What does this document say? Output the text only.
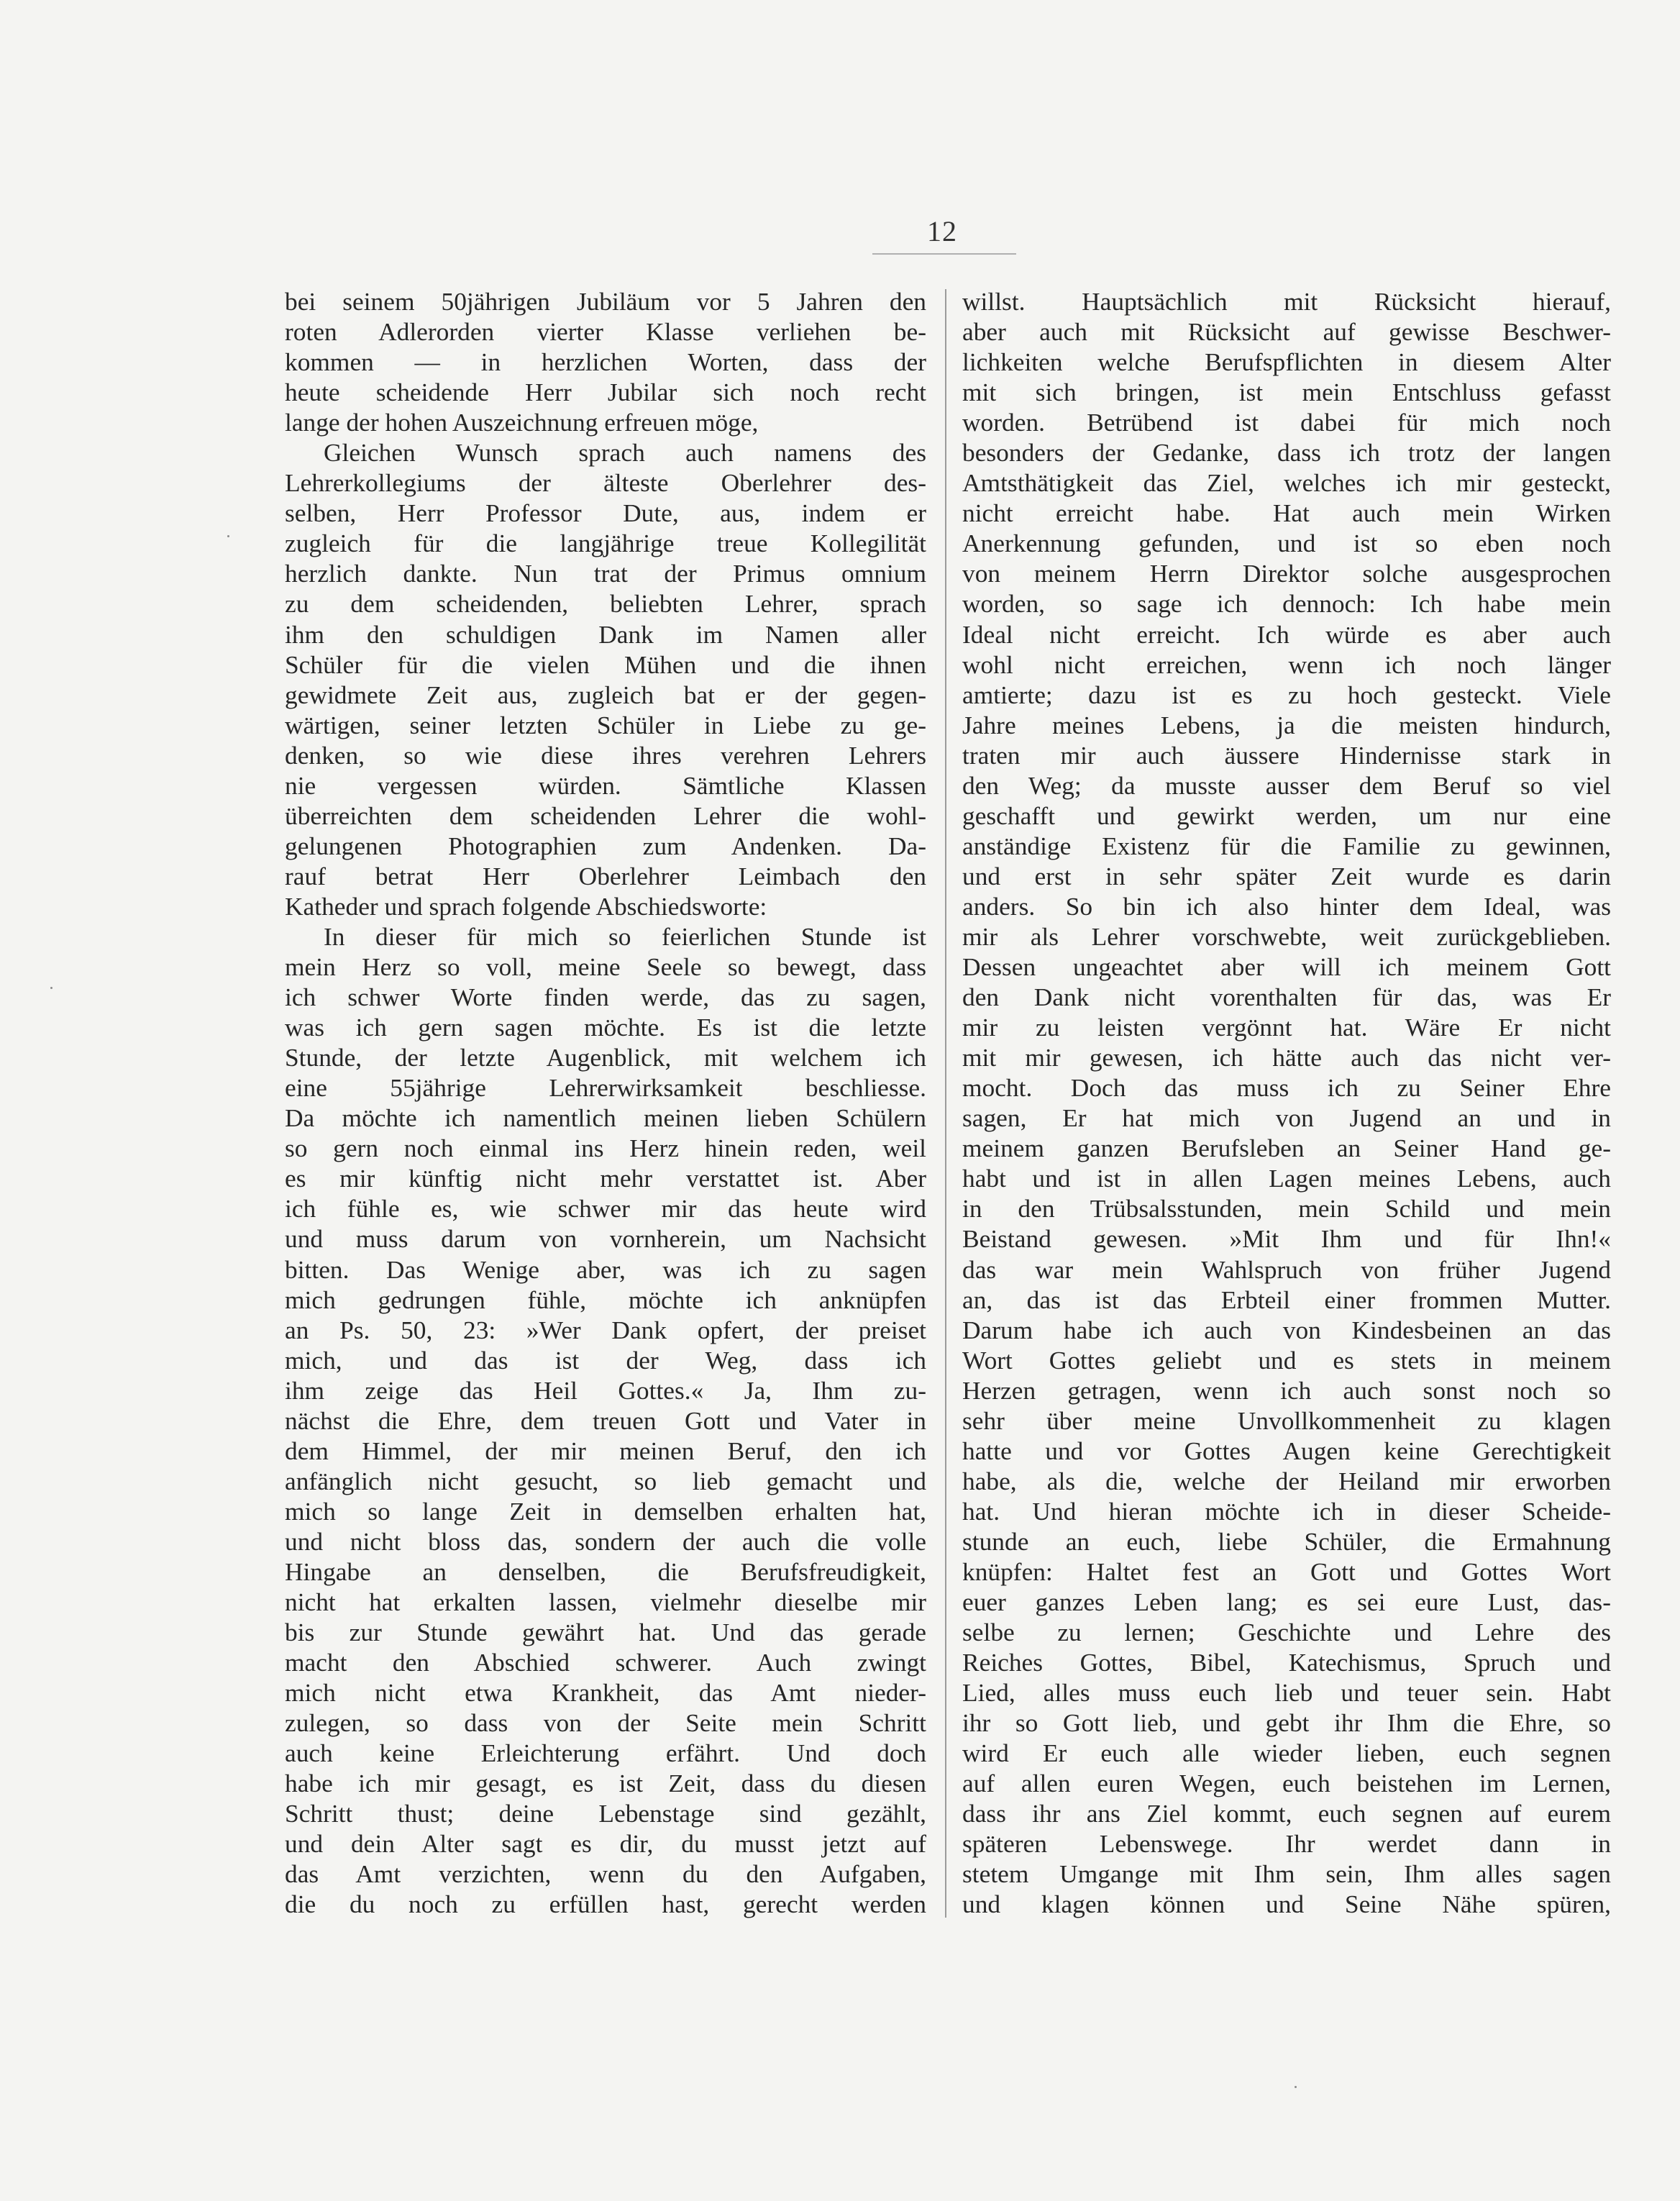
12
bei seinem 50jährigen Jubiläum vor 5 Jahren den
roten Adlerorden vierter Klasse verliehen be-
kommen — in herzlichen Worten, dass der
heute scheidende Herr Jubilar sich noch recht
lange der hohen Auszeichnung erfreuen möge,
Gleichen Wunsch sprach auch namens des
Lehrerkollegiums der älteste Oberlehrer des-
selben, Herr Professor Dute, aus, indem er
zugleich für die langjährige treue Kollegilität
herzlich dankte. Nun trat der Primus omnium
zu dem scheidenden, beliebten Lehrer, sprach
ihm den schuldigen Dank im Namen aller
Schüler für die vielen Mühen und die ihnen
gewidmete Zeit aus, zugleich bat er der gegen-
wärtigen, seiner letzten Schüler in Liebe zu ge-
denken, so wie diese ihres verehren Lehrers
nie vergessen würden. Sämtliche Klassen
überreichten dem scheidenden Lehrer die wohl-
gelungenen Photographien zum Andenken. Da-
rauf betrat Herr Oberlehrer Leimbach den
Katheder und sprach folgende Abschiedsworte:
In dieser für mich so feierlichen Stunde ist
mein Herz so voll, meine Seele so bewegt, dass
ich schwer Worte finden werde, das zu sagen,
was ich gern sagen möchte. Es ist die letzte
Stunde, der letzte Augenblick, mit welchem ich
eine 55jährige Lehrerwirksamkeit beschliesse.
Da möchte ich namentlich meinen lieben Schülern
so gern noch einmal ins Herz hinein reden, weil
es mir künftig nicht mehr verstattet ist. Aber
ich fühle es, wie schwer mir das heute wird
und muss darum von vornherein, um Nachsicht
bitten. Das Wenige aber, was ich zu sagen
mich gedrungen fühle, möchte ich anknüpfen
an Ps. 50, 23: »Wer Dank opfert, der preiset
mich, und das ist der Weg, dass ich
ihm zeige das Heil Gottes.« Ja, Ihm zu-
nächst die Ehre, dem treuen Gott und Vater in
dem Himmel, der mir meinen Beruf, den ich
anfänglich nicht gesucht, so lieb gemacht und
mich so lange Zeit in demselben erhalten hat,
und nicht bloss das, sondern der auch die volle
Hingabe an denselben, die Berufsfreudigkeit,
nicht hat erkalten lassen, vielmehr dieselbe mir
bis zur Stunde gewährt hat. Und das gerade
macht den Abschied schwerer. Auch zwingt
mich nicht etwa Krankheit, das Amt nieder-
zulegen, so dass von der Seite mein Schritt
auch keine Erleichterung erfährt. Und doch
habe ich mir gesagt, es ist Zeit, dass du diesen
Schritt thust; deine Lebenstage sind gezählt,
und dein Alter sagt es dir, du musst jetzt auf
das Amt verzichten, wenn du den Aufgaben,
die du noch zu erfüllen hast, gerecht werden
willst. Hauptsächlich mit Rücksicht hierauf,
aber auch mit Rücksicht auf gewisse Beschwer-
lichkeiten welche Berufspflichten in diesem Alter
mit sich bringen, ist mein Entschluss gefasst
worden. Betrübend ist dabei für mich noch
besonders der Gedanke, dass ich trotz der langen
Amtsthätigkeit das Ziel, welches ich mir gesteckt,
nicht erreicht habe. Hat auch mein Wirken
Anerkennung gefunden, und ist so eben noch
von meinem Herrn Direktor solche ausgesprochen
worden, so sage ich dennoch: Ich habe mein
Ideal nicht erreicht. Ich würde es aber auch
wohl nicht erreichen, wenn ich noch länger
amtierte; dazu ist es zu hoch gesteckt. Viele
Jahre meines Lebens, ja die meisten hindurch,
traten mir auch äussere Hindernisse stark in
den Weg; da musste ausser dem Beruf so viel
geschafft und gewirkt werden, um nur eine
anständige Existenz für die Familie zu gewinnen,
und erst in sehr später Zeit wurde es darin
anders. So bin ich also hinter dem Ideal, was
mir als Lehrer vorschwebte, weit zurückgeblieben.
Dessen ungeachtet aber will ich meinem Gott
den Dank nicht vorenthalten für das, was Er
mir zu leisten vergönnt hat. Wäre Er nicht
mit mir gewesen, ich hätte auch das nicht ver-
mocht. Doch das muss ich zu Seiner Ehre
sagen, Er hat mich von Jugend an und in
meinem ganzen Berufsleben an Seiner Hand ge-
habt und ist in allen Lagen meines Lebens, auch
in den Trübsalsstunden, mein Schild und mein
Beistand gewesen. »Mit Ihm und für Ihn!«
das war mein Wahlspruch von früher Jugend
an, das ist das Erbteil einer frommen Mutter.
Darum habe ich auch von Kindesbeinen an das
Wort Gottes geliebt und es stets in meinem
Herzen getragen, wenn ich auch sonst noch so
sehr über meine Unvollkommenheit zu klagen
hatte und vor Gottes Augen keine Gerechtigkeit
habe, als die, welche der Heiland mir erworben
hat. Und hieran möchte ich in dieser Scheide-
stunde an euch, liebe Schüler, die Ermahnung
knüpfen: Haltet fest an Gott und Gottes Wort
euer ganzes Leben lang; es sei eure Lust, das-
selbe zu lernen; Geschichte und Lehre des
Reiches Gottes, Bibel, Katechismus, Spruch und
Lied, alles muss euch lieb und teuer sein. Habt
ihr so Gott lieb, und gebt ihr Ihm die Ehre, so
wird Er euch alle wieder lieben, euch segnen
auf allen euren Wegen, euch beistehen im Lernen,
dass ihr ans Ziel kommt, euch segnen auf eurem
späteren Lebenswege. Ihr werdet dann in
stetem Umgange mit Ihm sein, Ihm alles sagen
und klagen können und Seine Nähe spüren,
